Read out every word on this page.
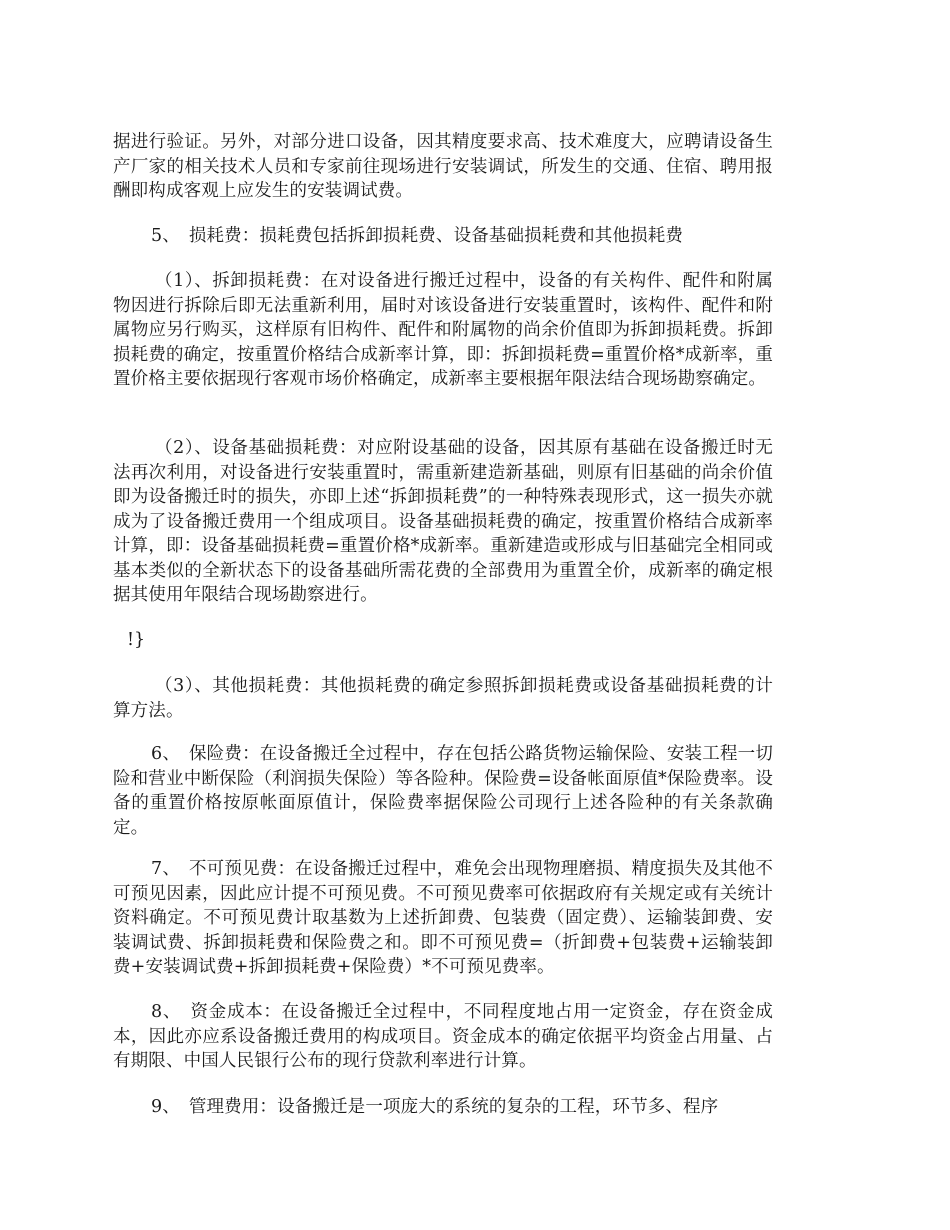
据进行验证。另外，对部分进口设备，因其精度要求高、技术难度大，应聘请设备生产厂家的相关技术人员和专家前往现场进行安装调试，所发生的交通、住宿、聘用报酬即构成客观上应发生的安装调试费。

5、　损耗费：损耗费包括拆卸损耗费、设备基础损耗费和其他损耗费

（1）、拆卸损耗费：在对设备进行搬迁过程中，设备的有关构件、配件和附属物因进行拆除后即无法重新利用，届时对该设备进行安装重置时，该构件、配件和附属物应另行购买，这样原有旧构件、配件和附属物的尚余价值即为拆卸损耗费。拆卸损耗费的确定，按重置价格结合成新率计算，即：拆卸损耗费=重置价格*成新率，重置价格主要依据现行客观市场价格确定，成新率主要根据年限法结合现场勘察确定。

（2）、设备基础损耗费：对应附设基础的设备，因其原有基础在设备搬迁时无法再次利用，对设备进行安装重置时，需重新建造新基础，则原有旧基础的尚余价值即为设备搬迁时的损失，亦即上述“拆卸损耗费”的一种特殊表现形式，这一损失亦就成为了设备搬迁费用一个组成项目。设备基础损耗费的确定，按重置价格结合成新率计算，即：设备基础损耗费=重置价格*成新率。重新建造或形成与旧基础完全相同或基本类似的全新状态下的设备基础所需花费的全部费用为重置全价，成新率的确定根据其使用年限结合现场勘察进行。

!}

（3）、其他损耗费：其他损耗费的确定参照拆卸损耗费或设备基础损耗费的计算方法。

6、　保险费：在设备搬迁全过程中，存在包括公路货物运输保险、安装工程一切险和营业中断保险（利润损失保险）等各险种。保险费=设备帐面原值*保险费率。设备的重置价格按原帐面原值计，保险费率据保险公司现行上述各险种的有关条款确定。

7、　不可预见费：在设备搬迁过程中，难免会出现物理磨损、精度损失及其他不可预见因素，因此应计提不可预见费。不可预见费率可依据政府有关规定或有关统计资料确定。不可预见费计取基数为上述折卸费、包装费（固定费）、运输装卸费、安装调试费、拆卸损耗费和保险费之和。即不可预见费=（折卸费+包装费+运输装卸费+安装调试费+拆卸损耗费+保险费）*不可预见费率。

8、　资金成本：在设备搬迁全过程中，不同程度地占用一定资金，存在资金成本，因此亦应系设备搬迁费用的构成项目。资金成本的确定依据平均资金占用量、占有期限、中国人民银行公布的现行贷款利率进行计算。

9、　管理费用：设备搬迁是一项庞大的系统的复杂的工程，环节多、程序
